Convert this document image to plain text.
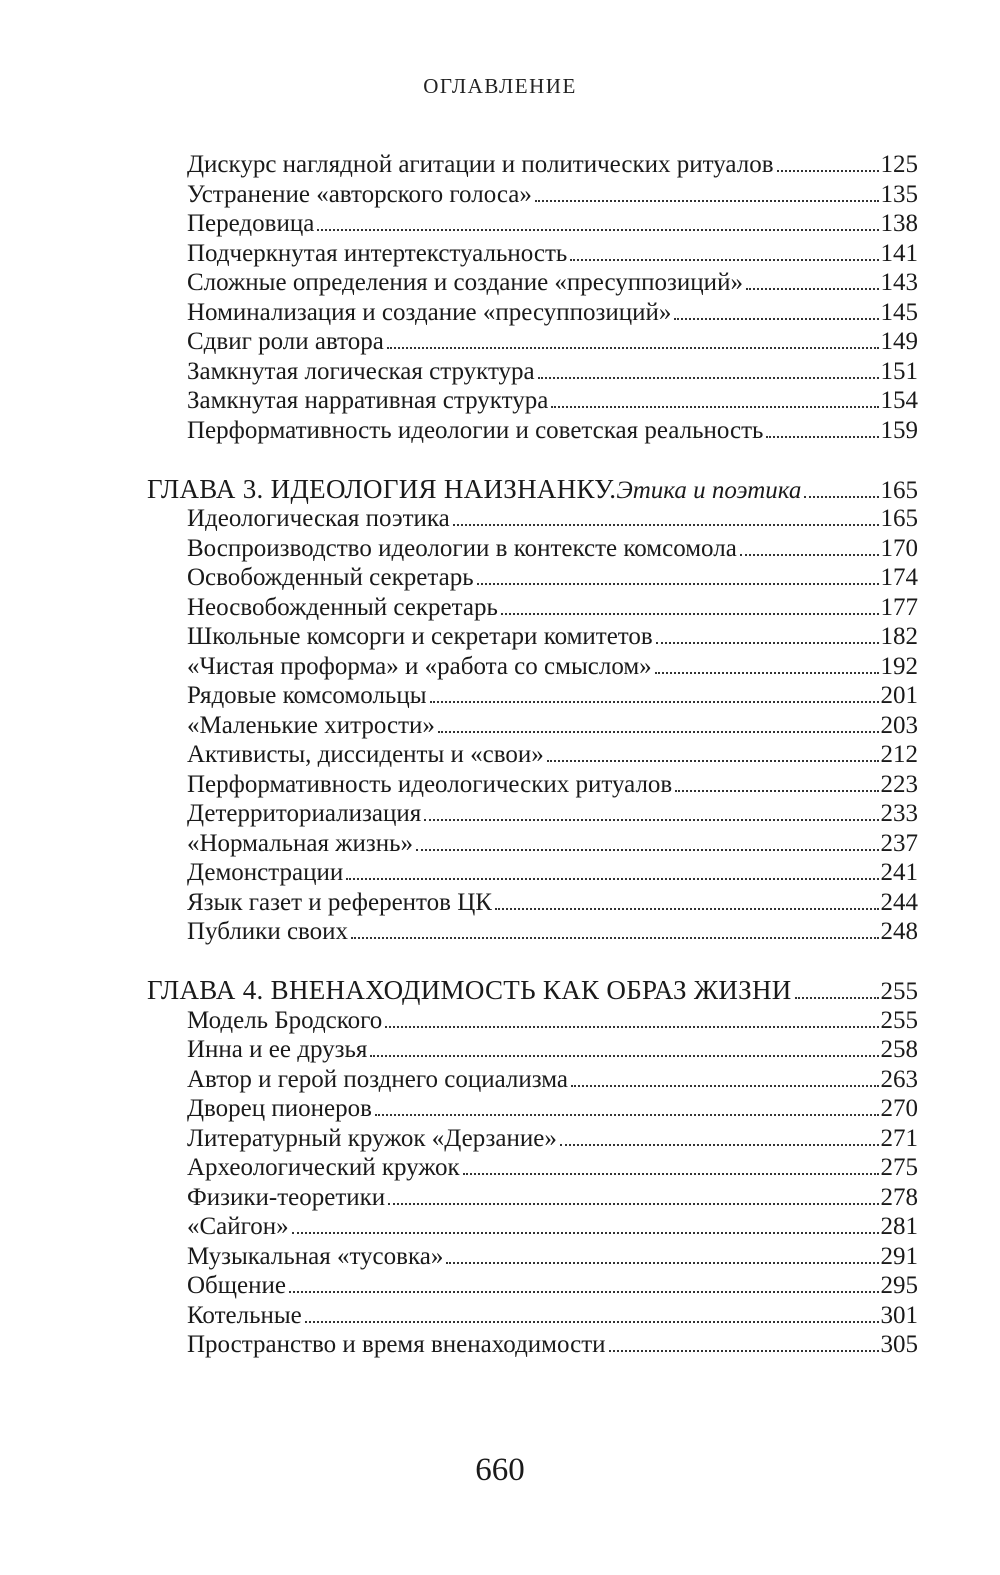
ОГЛАВЛЕНИЕ
Дискурс наглядной агитации и политических ритуалов	125
Устранение «авторского голоса»	135
Передовица	138
Подчеркнутая интертекстуальность	141
Сложные определения и создание «пресуппозиций»	143
Номинализация и создание «пресуппозиций»	145
Сдвиг роли автора	149
Замкнутая логическая структура	151
Замкнутая нарративная структура	154
Перформативность идеологии и советская реальность	159
ГЛАВА 3. ИДЕОЛОГИЯ НАИЗНАНКУ. Этика и поэтика	165
Идеологическая поэтика	165
Воспроизводство идеологии в контексте комсомола	170
Освобожденный секретарь	174
Неосвобожденный секретарь	177
Школьные комсорги и секретари комитетов	182
«Чистая проформа» и «работа со смыслом»	192
Рядовые комсомольцы	201
«Маленькие хитрости»	203
Активисты, диссиденты и «свои»	212
Перформативность идеологических ритуалов	223
Детерриториализация	233
«Нормальная жизнь»	237
Демонстрации	241
Язык газет и референтов ЦК	244
Публики своих	248
ГЛАВА 4. ВНЕНАХОДИМОСТЬ КАК ОБРАЗ ЖИЗНИ	255
Модель Бродского	255
Инна и ее друзья	258
Автор и герой позднего социализма	263
Дворец пионеров	270
Литературный кружок «Дерзание»	271
Археологический кружок	275
Физики-теоретики	278
«Сайгон»	281
Музыкальная «тусовка»	291
Общение	295
Котельные	301
Пространство и время вненаходимости	305
660
